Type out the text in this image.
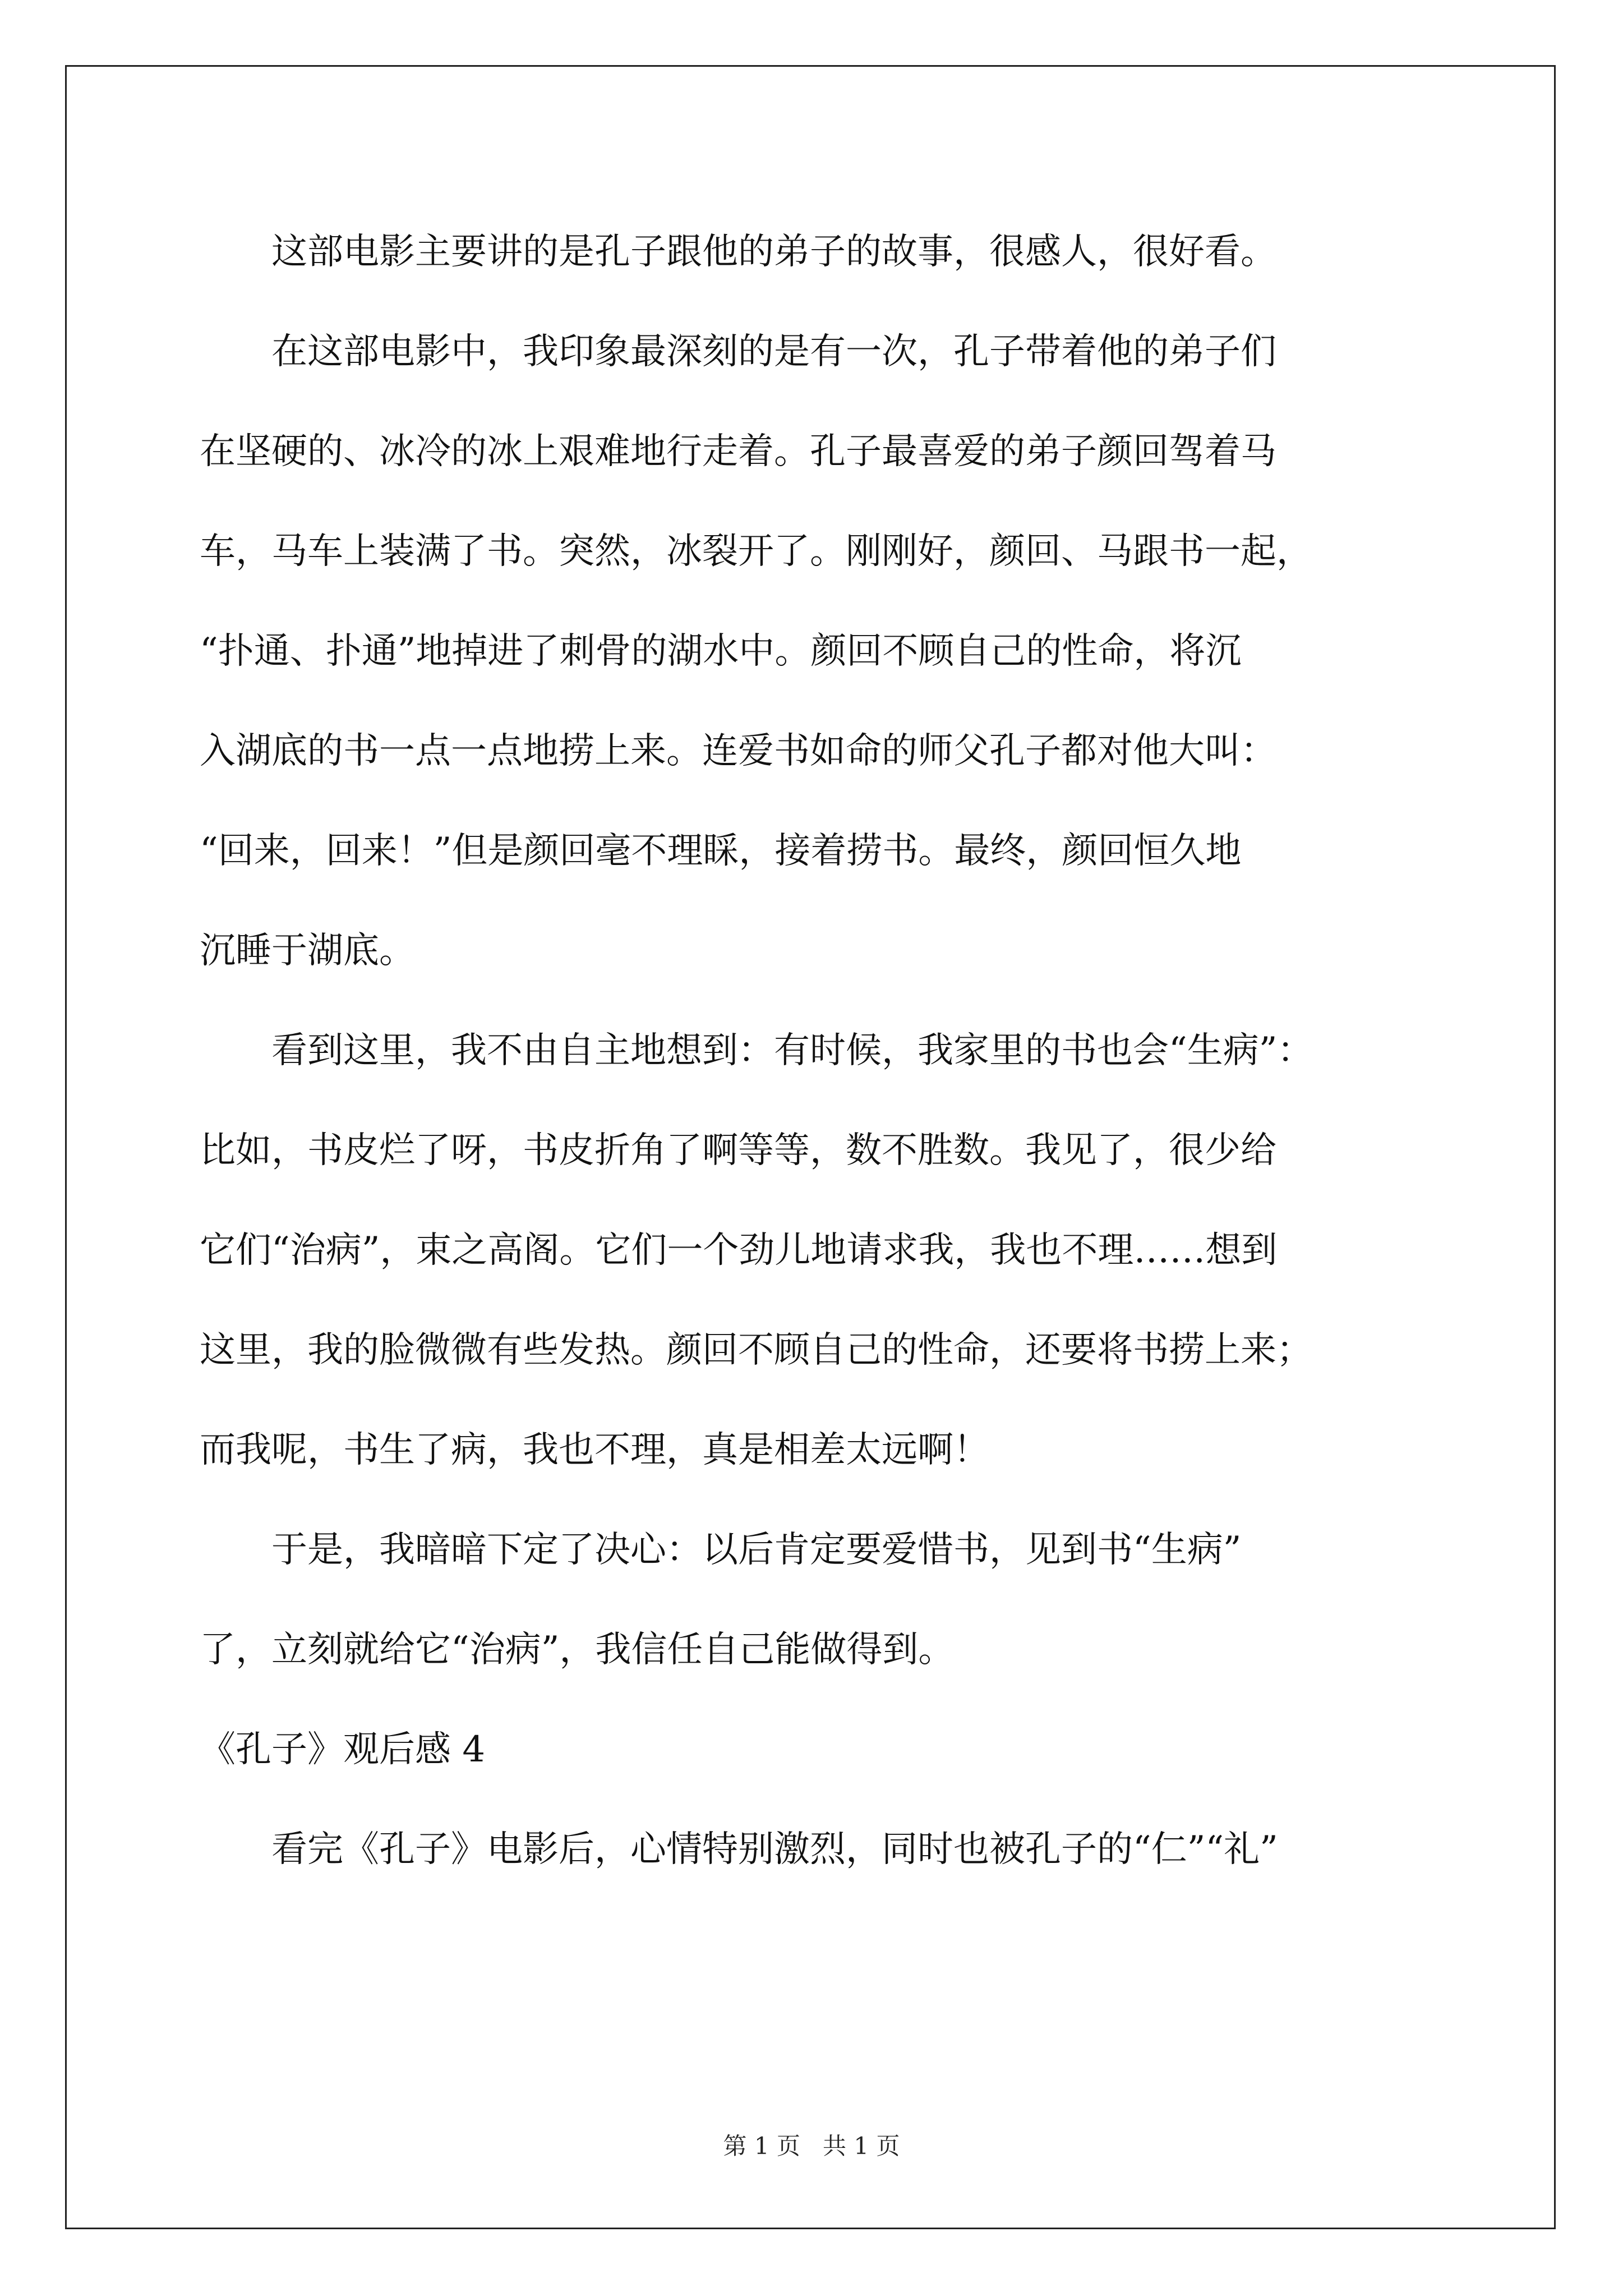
　　这部电影主要讲的是孔子跟他的弟子的故事，很感人，很好看。

　　在这部电影中，我印象最深刻的是有一次，孔子带着他的弟子们

在坚硬的、冰冷的冰上艰难地行走着。孔子最喜爱的弟子颜回驾着马

车，马车上装满了书。突然，冰裂开了。刚刚好，颜回、马跟书一起，

“扑通、扑通”地掉进了刺骨的湖水中。颜回不顾自己的性命，将沉

入湖底的书一点一点地捞上来。连爱书如命的师父孔子都对他大叫：

“回来，回来！”但是颜回毫不理睬，接着捞书。最终，颜回恒久地

沉睡于湖底。

　　看到这里，我不由自主地想到：有时候，我家里的书也会“生病”：

比如，书皮烂了呀，书皮折角了啊等等，数不胜数。我见了，很少给

它们“治病”，束之高阁。它们一个劲儿地请求我，我也不理……想到

这里，我的脸微微有些发热。颜回不顾自己的性命，还要将书捞上来；

而我呢，书生了病，我也不理，真是相差太远啊！

　　于是，我暗暗下定了决心：以后肯定要爱惜书，见到书“生病”

了，立刻就给它“治病”，我信任自己能做得到。

《孔子》观后感 4

　　看完《孔子》电影后，心情特别激烈，同时也被孔子的“仁”“礼”

第 1 页 共 1 页
